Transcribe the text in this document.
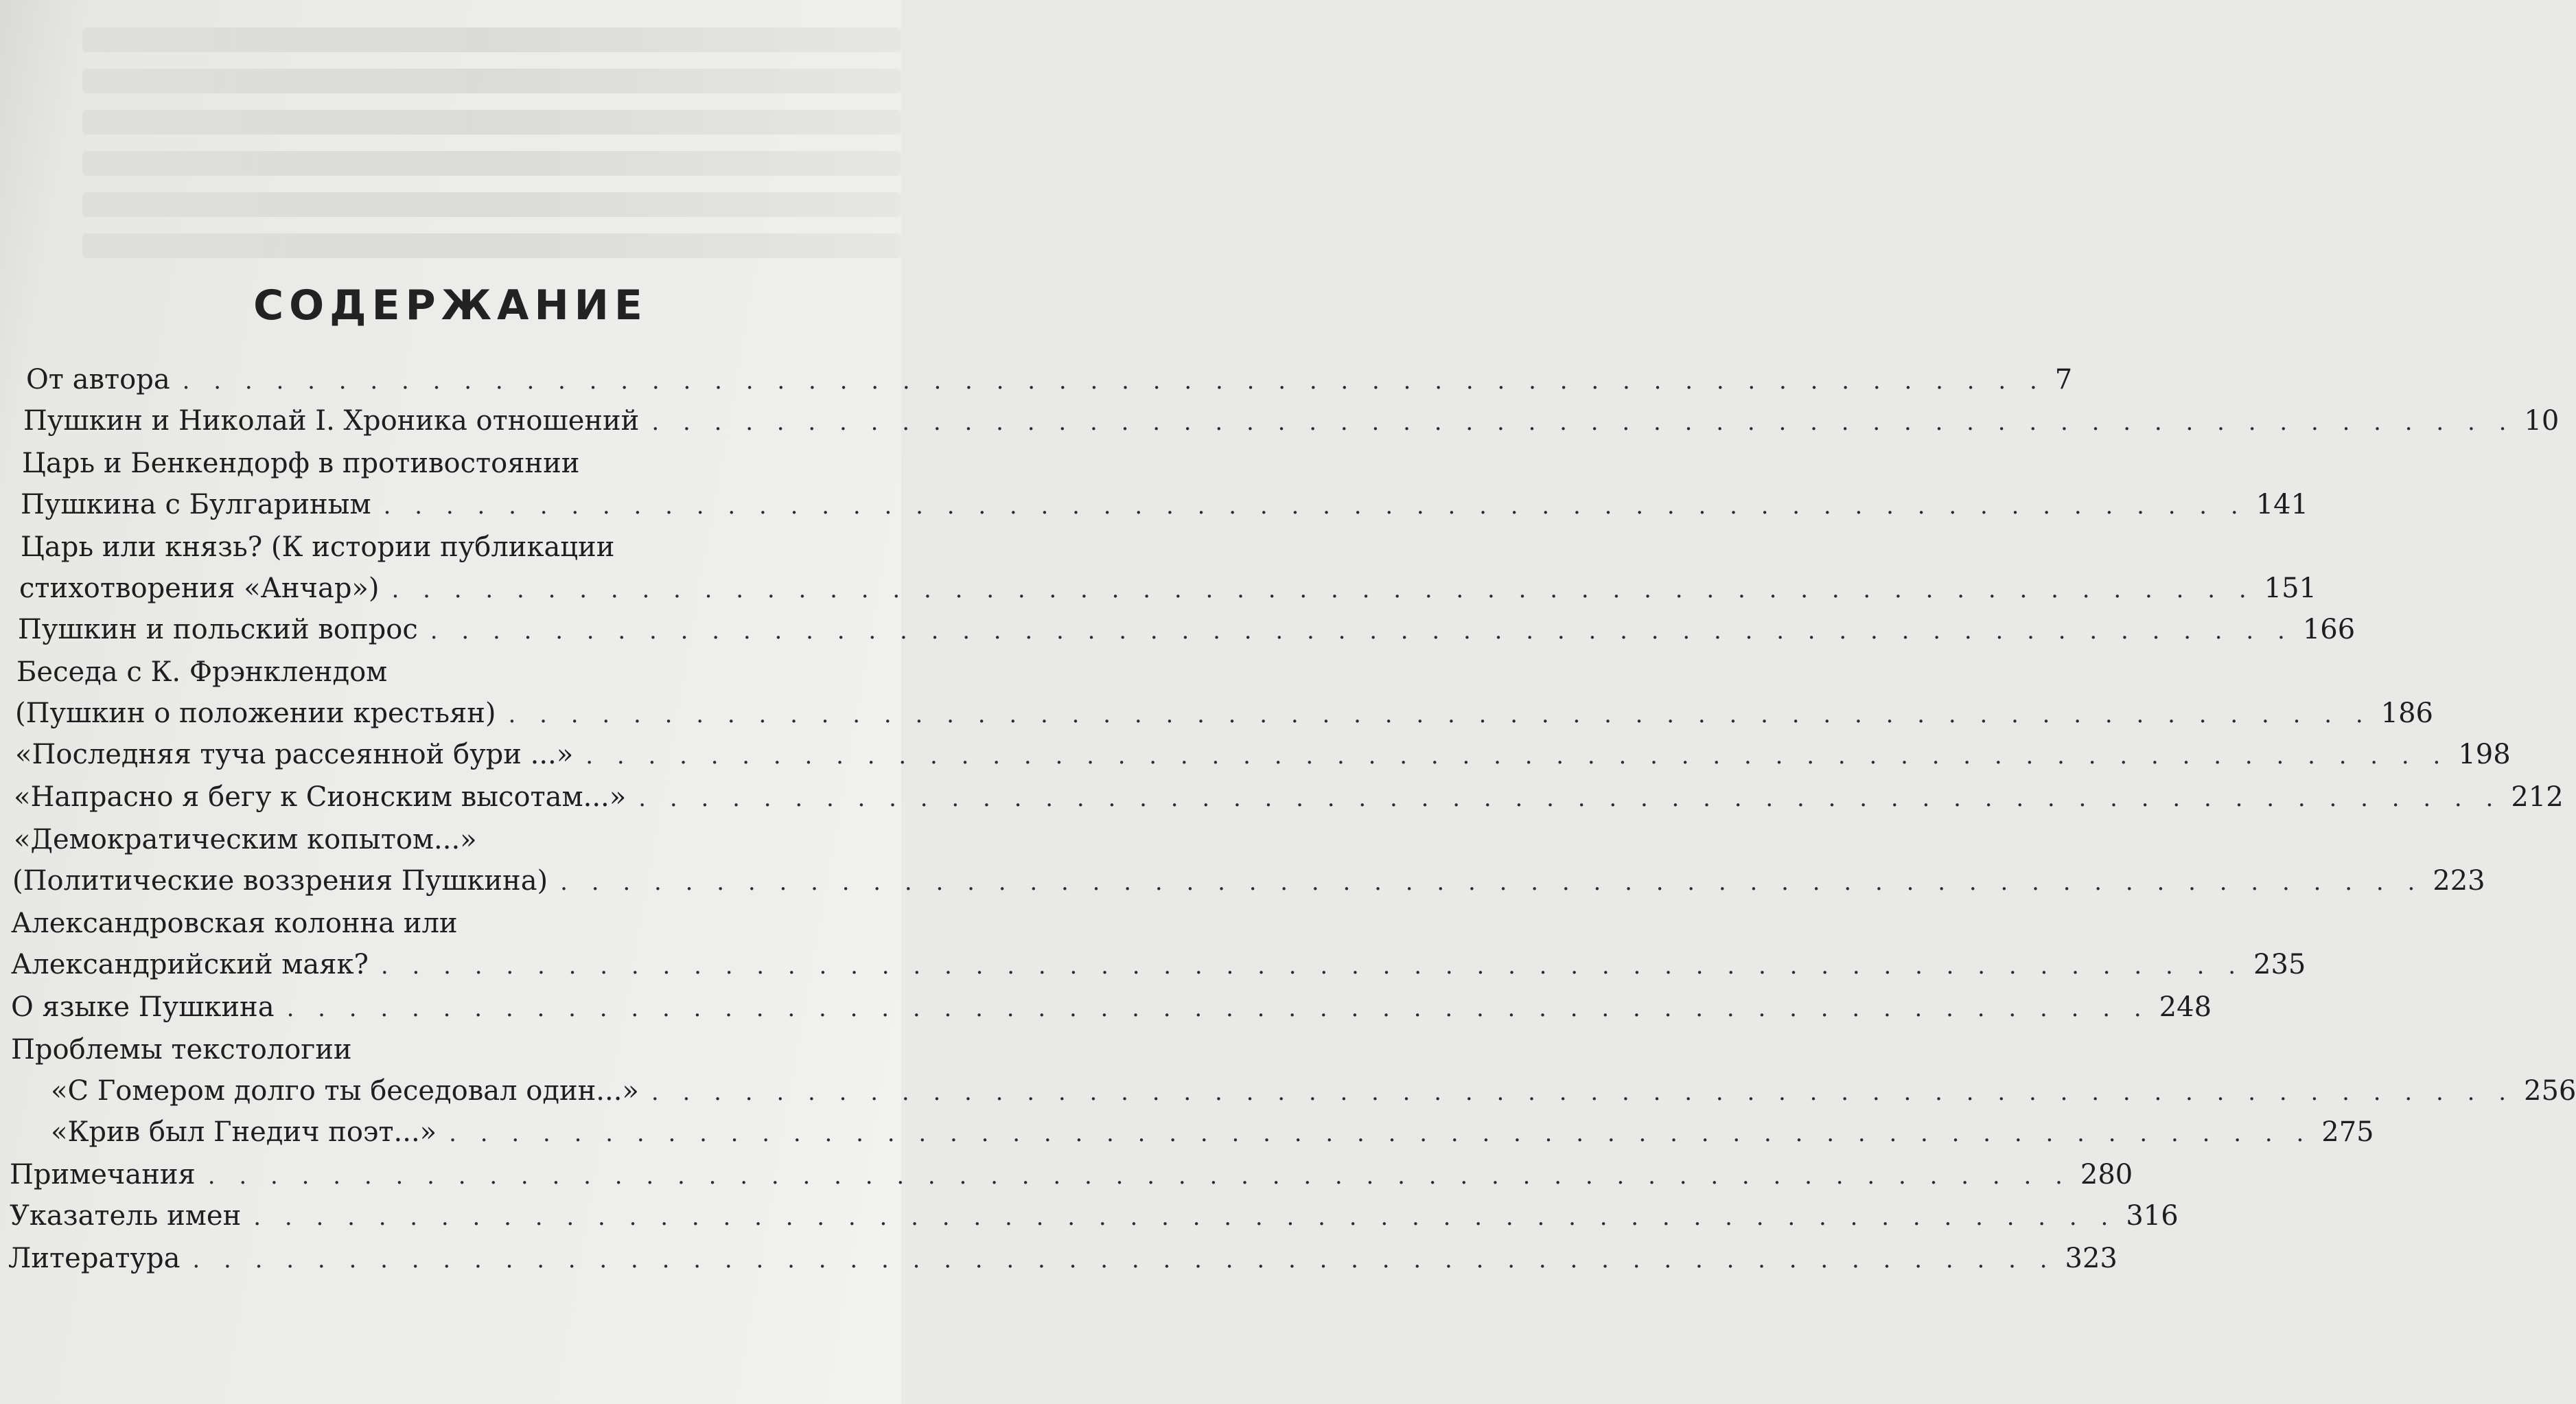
СОДЕРЖАНИЕ
От автора . . . . . . . . . . . . . . . . . . . . . . . . . . . . . . . . . . . . . . . . . . . . . . . . . . . . . . . . . . . . 7
Пушкин и Николай I. Хроника отношений . . . . . . . . . . . . . . . . . . . . . . . . . . . . . . . . . . . . . . . . . . . . . . . . . . . . . . . . . . . . 10
Царь и Бенкендорф в противостоянии
Пушкина с Булгариным . . . . . . . . . . . . . . . . . . . . . . . . . . . . . . . . . . . . . . . . . . . . . . . . . . . . . . . . . . . . 141
Царь или князь? (К истории публикации
стихотворения «Анчар») . . . . . . . . . . . . . . . . . . . . . . . . . . . . . . . . . . . . . . . . . . . . . . . . . . . . . . . . . . . . 151
Пушкин и польский вопрос . . . . . . . . . . . . . . . . . . . . . . . . . . . . . . . . . . . . . . . . . . . . . . . . . . . . . . . . . . . . 166
Беседа с К. Фрэнклендом
(Пушкин о положении крестьян) . . . . . . . . . . . . . . . . . . . . . . . . . . . . . . . . . . . . . . . . . . . . . . . . . . . . . . . . . . . . 186
«Последняя туча рассеянной бури ...» . . . . . . . . . . . . . . . . . . . . . . . . . . . . . . . . . . . . . . . . . . . . . . . . . . . . . . . . . . . . 198
«Напрасно я бегу к Сионским высотам...» . . . . . . . . . . . . . . . . . . . . . . . . . . . . . . . . . . . . . . . . . . . . . . . . . . . . . . . . . . . . 212
«Демократическим копытом...»
(Политические воззрения Пушкина) . . . . . . . . . . . . . . . . . . . . . . . . . . . . . . . . . . . . . . . . . . . . . . . . . . . . . . . . . . . . 223
Александровская колонна или
Александрийский маяк? . . . . . . . . . . . . . . . . . . . . . . . . . . . . . . . . . . . . . . . . . . . . . . . . . . . . . . . . . . . . 235
О языке Пушкина . . . . . . . . . . . . . . . . . . . . . . . . . . . . . . . . . . . . . . . . . . . . . . . . . . . . . . . . . . . . 248
Проблемы текстологии
«С Гомером долго ты беседовал один...» . . . . . . . . . . . . . . . . . . . . . . . . . . . . . . . . . . . . . . . . . . . . . . . . . . . . . . . . . . . . 256
«Крив был Гнедич поэт...» . . . . . . . . . . . . . . . . . . . . . . . . . . . . . . . . . . . . . . . . . . . . . . . . . . . . . . . . . . . . 275
Примечания . . . . . . . . . . . . . . . . . . . . . . . . . . . . . . . . . . . . . . . . . . . . . . . . . . . . . . . . . . . . 280
Указатель имен . . . . . . . . . . . . . . . . . . . . . . . . . . . . . . . . . . . . . . . . . . . . . . . . . . . . . . . . . . . . 316
Литература . . . . . . . . . . . . . . . . . . . . . . . . . . . . . . . . . . . . . . . . . . . . . . . . . . . . . . . . . . . . 323
